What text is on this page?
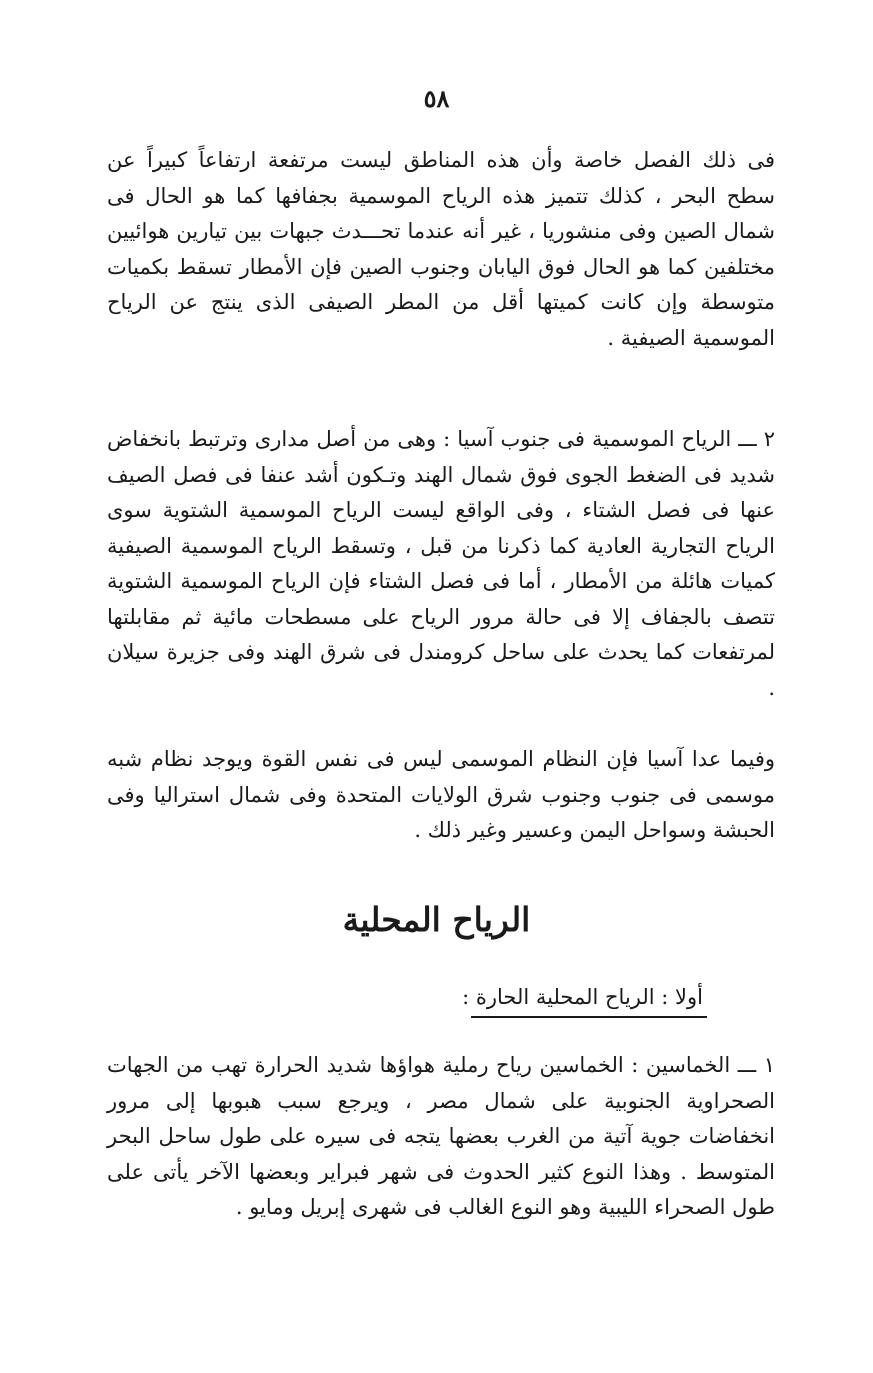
٥٨

فى ذلك الفصل خاصة وأن هذه المناطق ليست مرتفعة ارتفاعاً كبيراً عن سطح البحر ، كذلك تتميز هذه الرياح الموسمية بجفافها كما هو الحال فى شمال الصين وفى منشوريا ، غير أنه عندما تحـــدث جبهات بين تيارين هوائيين مختلفين كما هو الحال فوق اليابان وجنوب الصين فإن الأمطار تسقط بكميات متوسطة وإن كانت كميتها أقل من المطر الصيفى الذى ينتج عن الرياح الموسمية الصيفية .

٢ ـــ الرياح الموسمية فى جنوب آسيا : وهى من أصل مدارى وترتبط بانخفاض شديد فى الضغط الجوى فوق شمال الهند وتـكون أشد عنفا فى فصل الصيف عنها فى فصل الشتاء ، وفى الواقع ليست الرياح الموسمية الشتوية سوى الرياح التجارية العادية كما ذكرنا من قبل ، وتسقط الرياح الموسمية الصيفية كميات هائلة من الأمطار ، أما فى فصل الشتاء فإن الرياح الموسمية الشتوية تتصف بالجفاف إلا فى حالة مرور الرياح على مسطحات مائية ثم مقابلتها لمرتفعات كما يحدث على ساحل كرومندل فى شرق الهند وفى جزيرة سيلان .

وفيما عدا آسيا فإن النظام الموسمى ليس فى نفس القوة ويوجد نظام شبه موسمى فى جنوب وجنوب شرق الولايات المتحدة وفى شمال استراليا وفى الحبشة وسواحل اليمن وعسير وغير ذلك .

الرياح المحلية
أولا : الرياح المحلية الحارة :

١ ـــ الخماسين : الخماسين رياح رملية هواؤها شديد الحرارة تهب من الجهات الصحراوية الجنوبية على شمال مصر ، ويرجع سبب هبوبها إلى مرور انخفاضات جوية آتية من الغرب بعضها يتجه فى سيره على طول ساحل البحر المتوسط . وهذا النوع كثير الحدوث فى شهر فبراير وبعضها الآخر يأتى على طول الصحراء الليبية وهو النوع الغالب فى شهرى إبريل ومايو .
